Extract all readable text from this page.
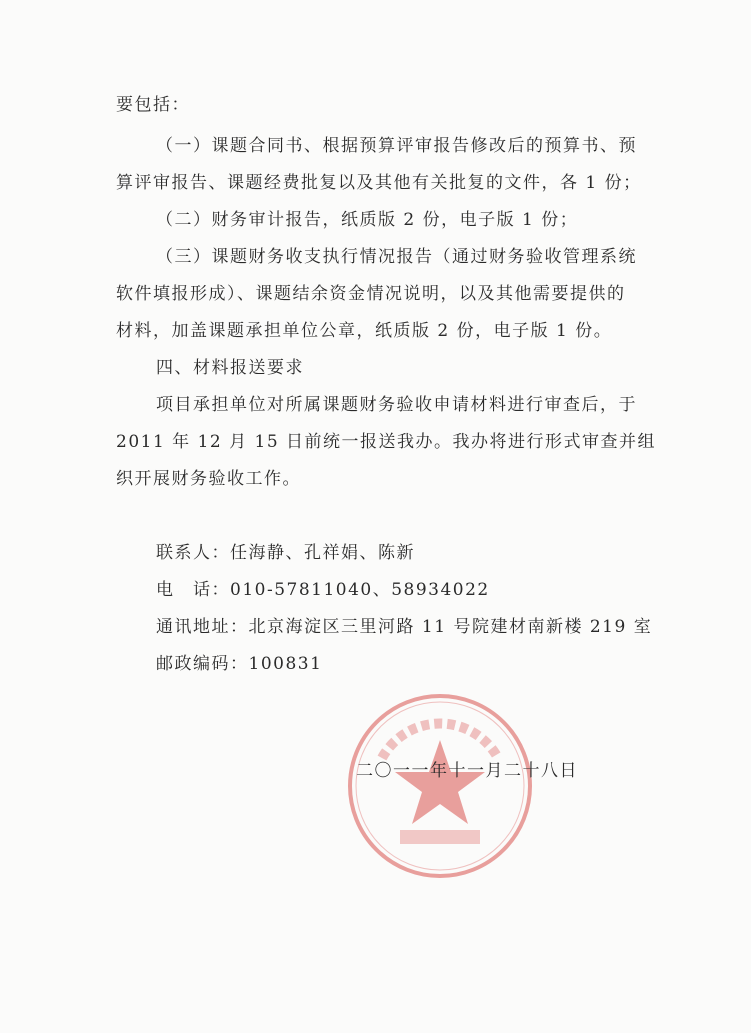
要包括：
（一）课题合同书、根据预算评审报告修改后的预算书、预
算评审报告、课题经费批复以及其他有关批复的文件，各 1 份；
（二）财务审计报告，纸质版 2 份，电子版 1 份；
（三）课题财务收支执行情况报告（通过财务验收管理系统
软件填报形成）、课题结余资金情况说明，以及其他需要提供的
材料，加盖课题承担单位公章，纸质版 2 份，电子版 1 份。
四、材料报送要求
项目承担单位对所属课题财务验收申请材料进行审查后，于
2011 年 12 月 15 日前统一报送我办。我办将进行形式审查并组
织开展财务验收工作。
联系人：任海静、孔祥娟、陈新
电　话：010-57811040、58934022
通讯地址：北京海淀区三里河路 11 号院建材南新楼 219 室
邮政编码：100831
二〇一一年十一月二十八日
